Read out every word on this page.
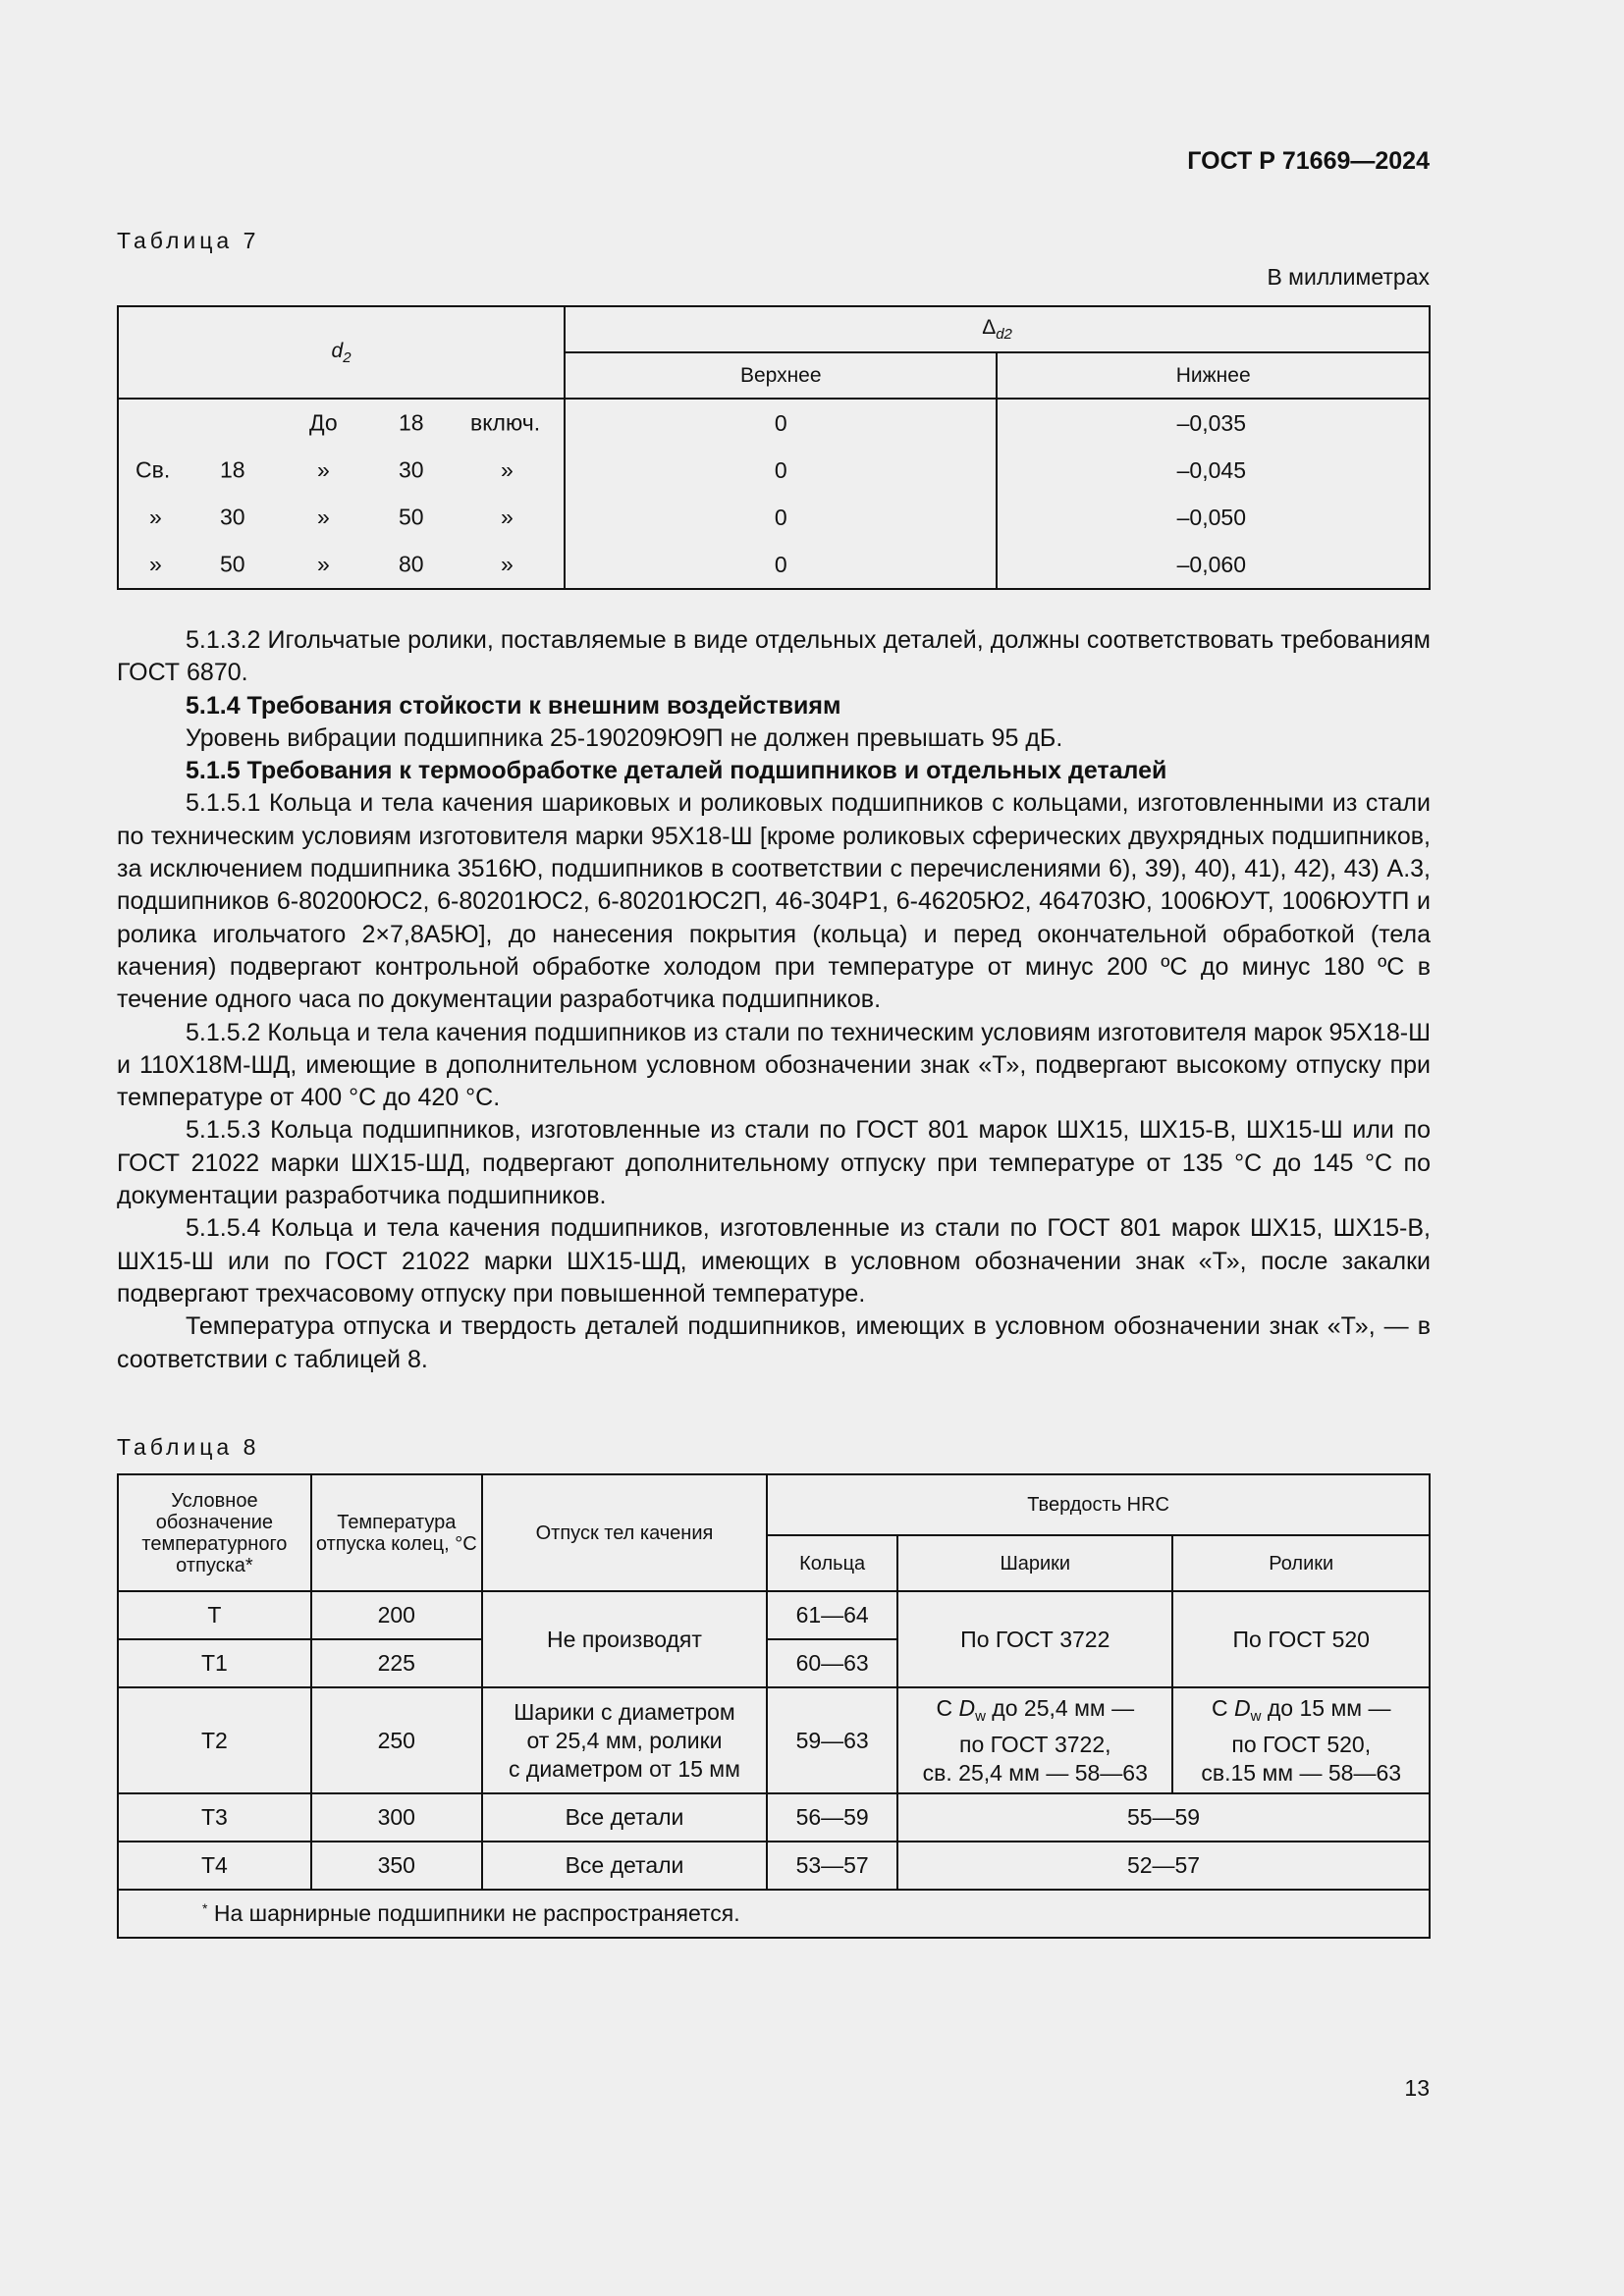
ГОСТ Р 71669—2024
Таблица 7
В миллиметрах
$d_2$	$\Delta_{d2}$
	Верхнее	Нижнее

До 18 включ.	0	–0,035

Св. 18 » 30 »	0	–0,045

» 30 » 50 »	0	–0,050

» 50 » 80 »	0	–0,060

5.1.3.2 Игольчатые ролики, поставляемые в виде отдельных деталей, должны соответствовать требованиям ГОСТ 6870.

5.1.4 Требования стойкости к внешним воздействиям

Уровень вибрации подшипника 25-190209Ю9П не должен превышать 95 дБ.

5.1.5 Требования к термообработке деталей подшипников и отдельных деталей

5.1.5.1 Кольца и тела качения шариковых и роликовых подшипников с кольцами, изготовленными из стали по техническим условиям изготовителя марки 95Х18-Ш [кроме роликовых сферических двухрядных подшипников, за исключением подшипника 3516Ю, подшипников в соответствии с перечислениями 6), 39), 40), 41), 42), 43) А.3, подшипников 6-80200ЮС2, 6-80201ЮС2, 6-80201ЮС2П, 46-304Р1, 6-46205Ю2, 464703Ю, 1006ЮУТ, 1006ЮУТП и ролика игольчатого 2×7,8А5Ю], до нанесения покрытия (кольца) и перед окончательной обработкой (тела качения) подвергают контрольной обработке холодом при температуре от минус 200 ºС до минус 180 ºС в течение одного часа по документации разработчика подшипников.

5.1.5.2 Кольца и тела качения подшипников из стали по техническим условиям изготовителя марок 95Х18-Ш и 110Х18М-ШД, имеющие в дополнительном условном обозначении знак «Т», подвергают высокому отпуску при температуре от 400 °С до 420 °С.

5.1.5.3 Кольца подшипников, изготовленные из стали по ГОСТ 801 марок ШХ15, ШХ15-В, ШХ15-Ш или по ГОСТ 21022 марки ШХ15-ШД, подвергают дополнительному отпуску при температуре от 135 °С до 145 °С по документации разработчика подшипников.

5.1.5.4 Кольца и тела качения подшипников, изготовленные из стали по ГОСТ 801 марок ШХ15, ШХ15-В, ШХ15-Ш или по ГОСТ 21022 марки ШХ15-ШД, имеющих в условном обозначении знак «Т», после закалки подвергают трехчасовому отпуску при повышенной температуре.

Температура отпуска и твердость деталей подшипников, имеющих в условном обозначении знак «Т», — в соответствии с таблицей 8.

Таблица 8
Условное обозначение температурного отпуска*	Температура отпуска колец, °С	Отпуск тел качения	Твердость HRC		
			Кольца	Шарики	Ролики
Т	200	Не производят	61—64	По ГОСТ 3722	По ГОСТ 520
Т1	225		60—63		
Т2	250	Шарики с диаметром
от 25,4 мм, ролики
с диаметром от 15 мм	59—63	С $D_w$ до 25,4 мм —
по ГОСТ 3722,
св. 25,4 мм — 58—63	С $D_w$ до 15 мм —
по ГОСТ 520,
св.15 мм — 58—63
Т3	300	Все детали	56—59	55—59	
Т4	350	Все детали	53—57	52—57	
* На шарнирные подшипники не распространяется.					
13
